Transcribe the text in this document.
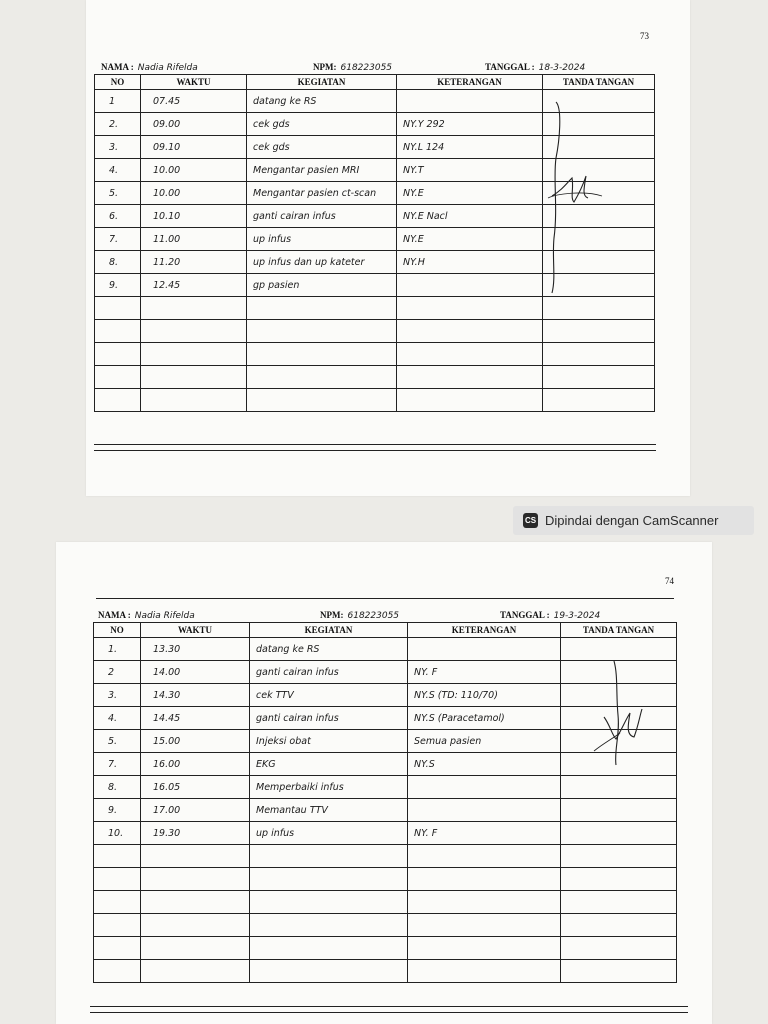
73
NAMA : Nadia Rifelda	NPM: 618223055	TANGGAL : 18-3-2024
NO	WAKTU	KEGIATAN	KETERANGAN	TANDA TANGAN
1	07.45	datang ke RS		
2.	09.00	cek gds	NY.Y 292	
3.	09.10	cek gds	NY.L 124	
4.	10.00	Mengantar pasien MRI	NY.T	
5.	10.00	Mengantar pasien ct-scan	NY.E	
6.	10.10	ganti cairan infus	NY.E Nacl	
7.	11.00	up infus	NY.E	
8.	11.20	up infus dan up kateter	NY.H	
9.	12.45	gp pasien		

CS Dipindai dengan CamScanner
74
NAMA : Nadia Rifelda	NPM: 618223055	TANGGAL : 19-3-2024
NO	WAKTU	KEGIATAN	KETERANGAN	TANDA TANGAN
1.	13.30	datang ke RS		
2	14.00	ganti cairan infus	NY. F	
3.	14.30	cek TTV	NY.S (TD: 110/70)	
4.	14.45	ganti cairan infus	NY.S (Paracetamol)	
5.	15.00	Injeksi obat	Semua pasien	
7.	16.00	EKG	NY.S	
8.	16.05	Memperbaiki infus		
9.	17.00	Memantau TTV		
10.	19.30	up infus	NY. F	
